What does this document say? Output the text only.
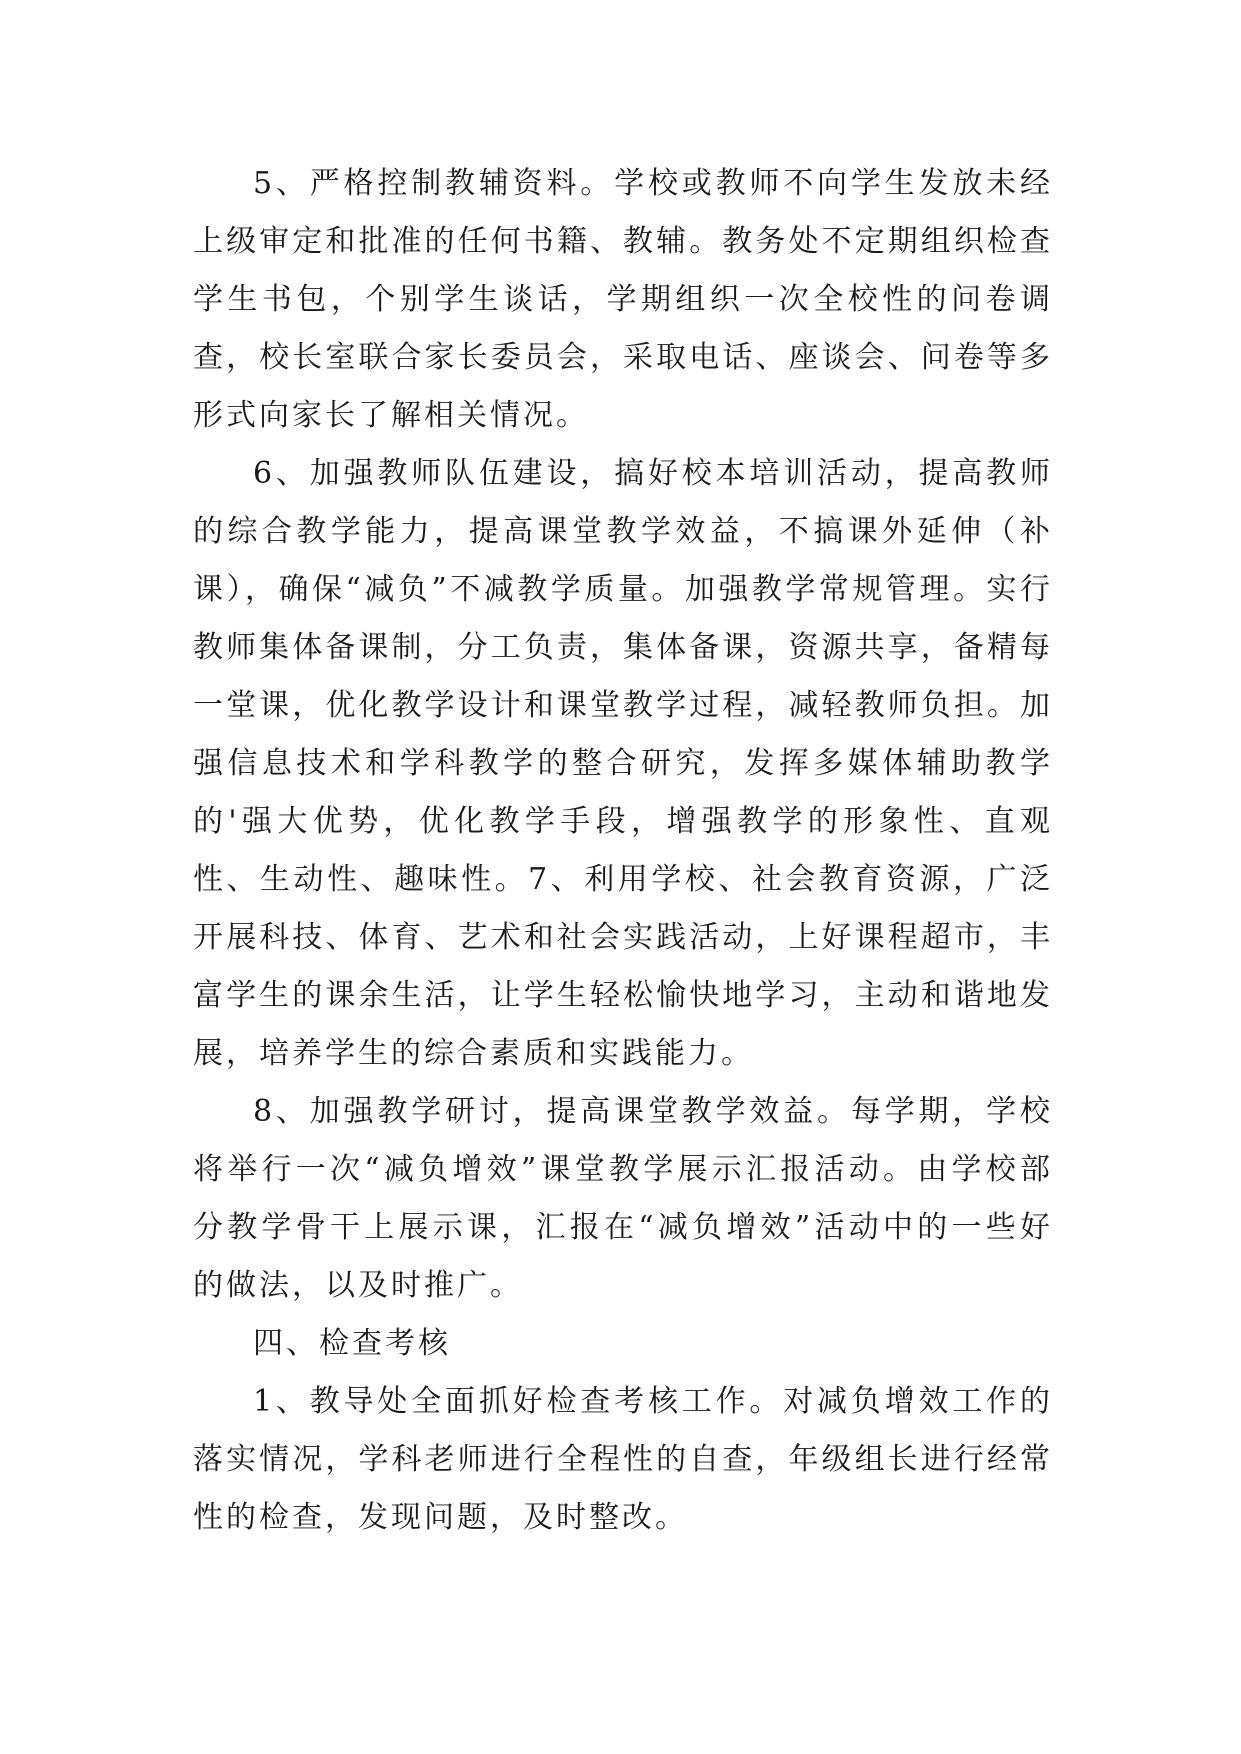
5、严格控制教辅资料。学校或教师不向学生发放未经上级审定和批准的任何书籍、教辅。教务处不定期组织检查学生书包，个别学生谈话，学期组织一次全校性的问卷调查，校长室联合家长委员会，采取电话、座谈会、问卷等多形式向家长了解相关情况。

6、加强教师队伍建设，搞好校本培训活动，提高教师的综合教学能力，提高课堂教学效益，不搞课外延伸（补课），确保“减负”不减教学质量。加强教学常规管理。实行教师集体备课制，分工负责，集体备课，资源共享，备精每一堂课，优化教学设计和课堂教学过程，减轻教师负担。加强信息技术和学科教学的整合研究，发挥多媒体辅助教学的'强大优势，优化教学手段，增强教学的形象性、直观性、生动性、趣味性。7、利用学校、社会教育资源，广泛开展科技、体育、艺术和社会实践活动，上好课程超市，丰富学生的课余生活，让学生轻松愉快地学习，主动和谐地发展，培养学生的综合素质和实践能力。

8、加强教学研讨，提高课堂教学效益。每学期，学校将举行一次“减负增效”课堂教学展示汇报活动。由学校部分教学骨干上展示课，汇报在“减负增效”活动中的一些好的做法，以及时推广。

四、检查考核

1、教导处全面抓好检查考核工作。对减负增效工作的落实情况，学科老师进行全程性的自查，年级组长进行经常性的检查，发现问题，及时整改。
